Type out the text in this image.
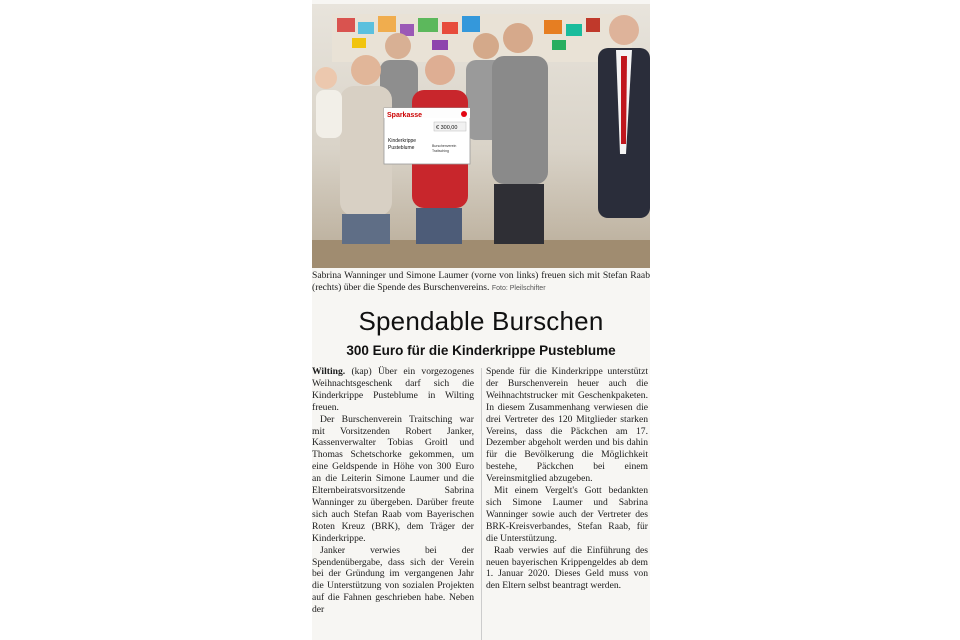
Sparkasse
€ 300,00
Kinderkrippe
Pusteblume	Burschenverein
Traitsching
Sabrina Wanninger und Simone Laumer (vorne von links) freuen sich mit Stefan Raab (rechts) über die Spende des Burschenvereins. Foto: Pleilschifter
Spendable Burschen
300 Euro für die Kinderkrippe Pusteblume

Wilting. (kap) Über ein vorgezogenes Weihnachtsgeschenk darf sich die Kinderkrippe Pusteblume in Wilting freuen.

Der Burschenverein Traitsching war mit Vorsitzenden Robert Janker, Kassenverwalter Tobias Groitl und Thomas Schetschorke gekommen, um eine Geldspende in Höhe von 300 Euro an die Leiterin Simone Laumer und die Elternbeiratsvorsitzende Sabrina Wanninger zu übergeben. Darüber freute sich auch Stefan Raab vom Bayerischen Roten Kreuz (BRK), dem Träger der Kinderkrippe.

Janker verwies bei der Spendenübergabe, dass sich der Verein bei der Gründung im vergangenen Jahr die Unterstützung von sozialen Projekten auf die Fahnen geschrieben habe. Neben der

Spende für die Kinderkrippe unterstützt der Burschenverein heuer auch die Weihnachtstrucker mit Geschenkpaketen. In diesem Zusammenhang verwiesen die drei Vertreter des 120 Mitglieder starken Vereins, dass die Päckchen am 17. Dezember abgeholt werden und bis dahin für die Bevölkerung die Möglichkeit bestehe, Päckchen bei einem Vereinsmitglied abzugeben.

Mit einem Vergelt's Gott bedankten sich Simone Laumer und Sabrina Wanninger sowie auch der Vertreter des BRK-Kreisverbandes, Stefan Raab, für die Unterstützung.

Raab verwies auf die Einführung des neuen bayerischen Krippengeldes ab dem 1. Januar 2020. Dieses Geld muss von den Eltern selbst beantragt werden.
